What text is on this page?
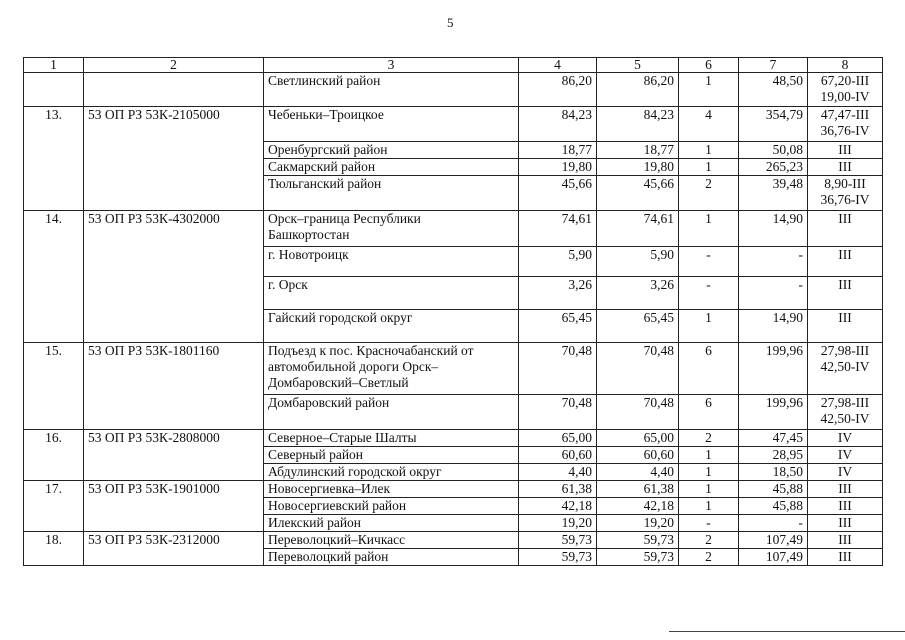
5
1	2	3	4	5	6	7	8
		Светлинский район	86,20	86,20	1	48,50	67,20-III
19,00-IV
13.	53 ОП РЗ 53К-2105000	Чебеньки–Троицкое	84,23	84,23	4	354,79	47,47-III
36,76-IV
		Оренбургский район	18,77	18,77	1	50,08	III
		Сакмарский район	19,80	19,80	1	265,23	III
		Тюльганский район	45,66	45,66	2	39,48	8,90-III
36,76-IV
14.	53 ОП РЗ 53К-4302000	Орск–граница Республики
Башкортостан	74,61	74,61	1	14,90	III
		г. Новотроицк	5,90	5,90	-	-	III
		г. Орск	3,26	3,26	-	-	III
		Гайский городской округ	65,45	65,45	1	14,90	III
15.	53 ОП РЗ 53К-1801160	Подъезд к пос. Красночабанский от
автомобильной дороги Орск–
Домбаровский–Светлый	70,48	70,48	6	199,96	27,98-III
42,50-IV
		Домбаровский район	70,48	70,48	6	199,96	27,98-III
42,50-IV
16.	53 ОП РЗ 53К-2808000	Северное–Старые Шалты	65,00	65,00	2	47,45	IV
		Северный район	60,60	60,60	1	28,95	IV
		Абдулинский городской округ	4,40	4,40	1	18,50	IV
17.	53 ОП РЗ 53К-1901000	Новосергиевка–Илек	61,38	61,38	1	45,88	III
		Новосергиевский район	42,18	42,18	1	45,88	III
		Илекский район	19,20	19,20	-	-	III
18.	53 ОП РЗ 53К-2312000	Переволоцкий–Кичкасс	59,73	59,73	2	107,49	III
		Переволоцкий район	59,73	59,73	2	107,49	III
